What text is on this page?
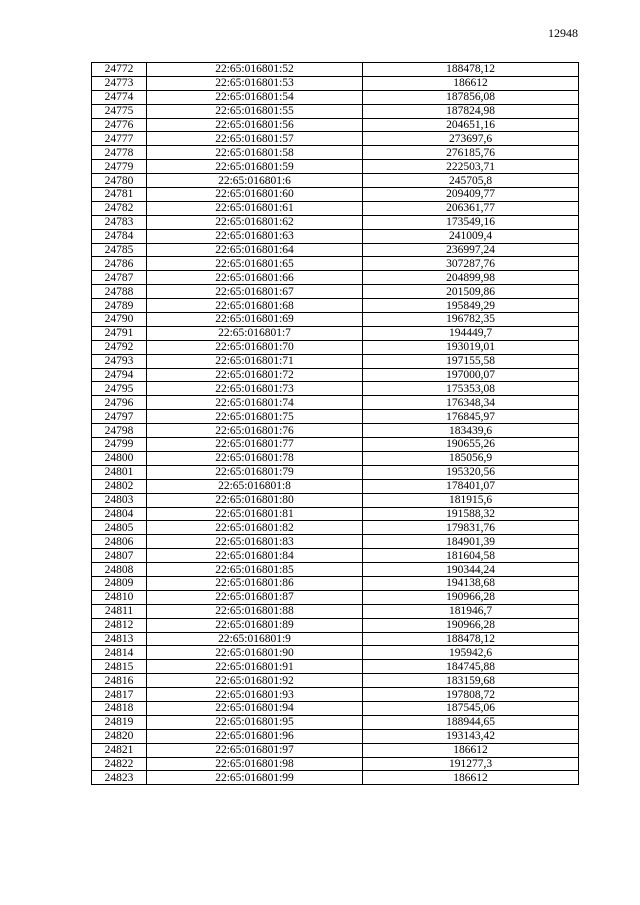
12948
24772	22:65:016801:52	188478,12
24773	22:65:016801:53	186612
24774	22:65:016801:54	187856,08
24775	22:65:016801:55	187824,98
24776	22:65:016801:56	204651,16
24777	22:65:016801:57	273697,6
24778	22:65:016801:58	276185,76
24779	22:65:016801:59	222503,71
24780	22:65:016801:6	245705,8
24781	22:65:016801:60	209409,77
24782	22:65:016801:61	206361,77
24783	22:65:016801:62	173549,16
24784	22:65:016801:63	241009,4
24785	22:65:016801:64	236997,24
24786	22:65:016801:65	307287,76
24787	22:65:016801:66	204899,98
24788	22:65:016801:67	201509,86
24789	22:65:016801:68	195849,29
24790	22:65:016801:69	196782,35
24791	22:65:016801:7	194449,7
24792	22:65:016801:70	193019,01
24793	22:65:016801:71	197155,58
24794	22:65:016801:72	197000,07
24795	22:65:016801:73	175353,08
24796	22:65:016801:74	176348,34
24797	22:65:016801:75	176845,97
24798	22:65:016801:76	183439,6
24799	22:65:016801:77	190655,26
24800	22:65:016801:78	185056,9
24801	22:65:016801:79	195320,56
24802	22:65:016801:8	178401,07
24803	22:65:016801:80	181915,6
24804	22:65:016801:81	191588,32
24805	22:65:016801:82	179831,76
24806	22:65:016801:83	184901,39
24807	22:65:016801:84	181604,58
24808	22:65:016801:85	190344,24
24809	22:65:016801:86	194138,68
24810	22:65:016801:87	190966,28
24811	22:65:016801:88	181946,7
24812	22:65:016801:89	190966,28
24813	22:65:016801:9	188478,12
24814	22:65:016801:90	195942,6
24815	22:65:016801:91	184745,88
24816	22:65:016801:92	183159,68
24817	22:65:016801:93	197808,72
24818	22:65:016801:94	187545,06
24819	22:65:016801:95	188944,65
24820	22:65:016801:96	193143,42
24821	22:65:016801:97	186612
24822	22:65:016801:98	191277,3
24823	22:65:016801:99	186612
